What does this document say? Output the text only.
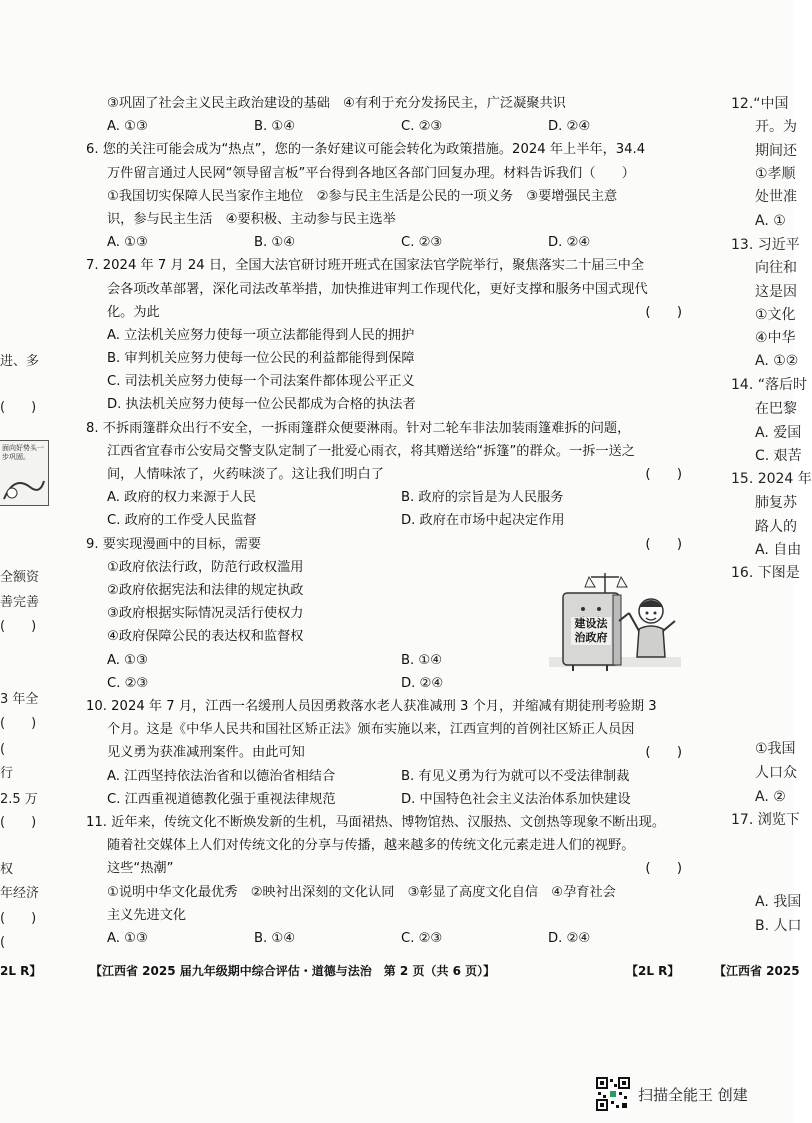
进、多
(　　)
面向好势头一步巩固。
全额资
善完善
(　　)
3 年全
(　　)
(
行
2.5 万
(　　)
权
年经济
(　　)
(
12.“中国
开。为
期间还
①孝顺
处世准
A. ①
13. 习近平
向往和
这是因
①文化
④中华
A. ①②
14. “落后时
在巴黎
A. 爱国
C. 艰苦
15. 2024 年
肺复苏
路人的
A. 自由
16. 下图是
①我国
人口众
A. ②
17. 浏览下
A. 我国
B. 人口
③巩固了社会主义民主政治建设的基础　④有利于充分发扬民主，广泛凝聚共识
A. ①③	B. ①④	C. ②③	D. ②④
6. 您的关注可能会成为“热点”，您的一条好建议可能会转化为政策措施。2024 年上半年，34.4
万件留言通过人民网“领导留言板”平台得到各地区各部门回复办理。材料告诉我们（　　）
①我国切实保障人民当家作主地位　②参与民主生活是公民的一项义务　③要增强民主意
识，参与民主生活　④要积极、主动参与民主选举
A. ①③	B. ①④	C. ②③	D. ②④
7. 2024 年 7 月 24 日，全国大法官研讨班开班式在国家法官学院举行，聚焦落实二十届三中全
会各项改革部署，深化司法改革举措，加快推进审判工作现代化，更好支撑和服务中国式现代
化。为此	(　　)
A. 立法机关应努力使每一项立法都能得到人民的拥护
B. 审判机关应努力使每一位公民的利益都能得到保障
C. 司法机关应努力使每一个司法案件都体现公平正义
D. 执法机关应努力使每一位公民都成为合格的执法者
8. 不拆雨篷群众出行不安全，一拆雨篷群众便要淋雨。针对二轮车非法加装雨篷难拆的问题，
江西省宜春市公安局交警支队定制了一批爱心雨衣，将其赠送给“拆篷”的群众。一拆一送之
间，人情味浓了，火药味淡了。这让我们明白了	(　　)
A. 政府的权力来源于人民	B. 政府的宗旨是为人民服务
C. 政府的工作受人民监督	D. 政府在市场中起决定作用
9. 要实现漫画中的目标，需要	(　　)
①政府依法行政，防范行政权滥用
②政府依据宪法和法律的规定执政
③政府根据实际情况灵活行使权力
④政府保障公民的表达权和监督权
A. ①③	B. ①④
C. ②③	D. ②④
10. 2024 年 7 月，江西一名缓刑人员因勇救落水老人获准减刑 3 个月，并缩减有期徒刑考验期 3
个月。这是《中华人民共和国社区矫正法》颁布实施以来，江西宣判的首例社区矫正人员因
见义勇为获准减刑案件。由此可知	(　　)
A. 江西坚持依法治省和以德治省相结合	B. 有见义勇为行为就可以不受法律制裁
C. 江西重视道德教化强于重视法律规范	D. 中国特色社会主义法治体系加快建设
11. 近年来，传统文化不断焕发新的生机，马面裙热、博物馆热、汉服热、文创热等现象不断出现。
随着社交媒体上人们对传统文化的分享与传播，越来越多的传统文化元素走进人们的视野。
这些“热潮”	(　　)
①说明中华文化最优秀　②映衬出深刻的文化认同　③彰显了高度文化自信　④孕育社会
主义先进文化
A. ①③	B. ①④	C. ②③	D. ②④
建设法治政府
2L R】	【江西省 2025 届九年级期中综合评估・道德与法治　第 2 页（共 6 页）】	【2L R】	【江西省 2025
扫描全能王 创建
